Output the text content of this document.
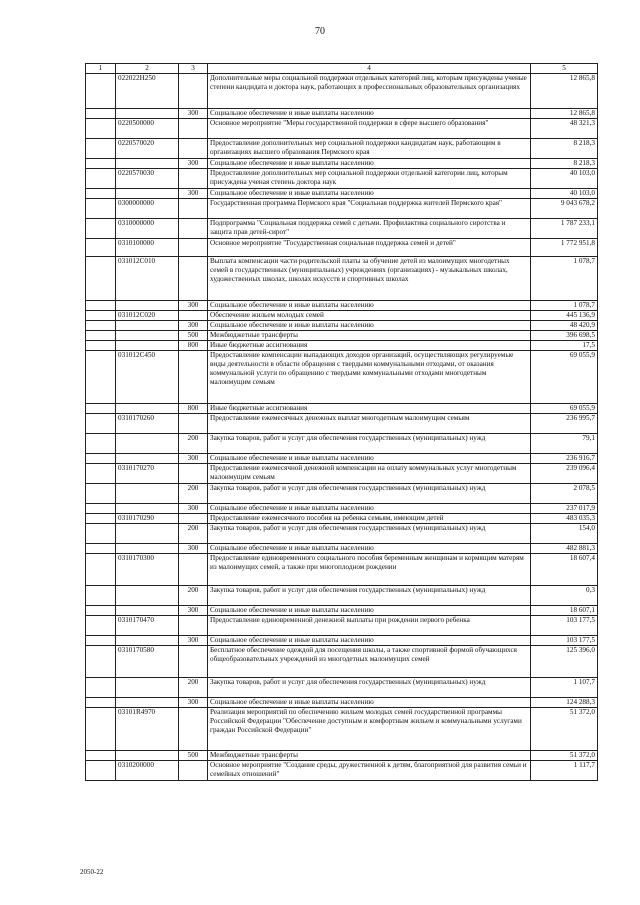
70
1	2	3	4	5
	022022Н250		Дополнительные меры социальной поддержки отдельных категорий лиц, которым присуждены ученые степени кандидата и доктора наук, работающих в профессиональных образовательных организациях	12 865,8
		300	Социальное обеспечение и иные выплаты населению	12 865,8
	0220500000		Основное мероприятие "Меры государственной поддержки в сфере высшего образования"	48 321,3
	0220570020		Предоставление дополнительных мер социальной поддержки кандидатам наук, работающим в организациях высшего образования Пермского края	8 218,3
		300	Социальное обеспечение и иные выплаты населению	8 218,3
	0220570030		Предоставление дополнительных мер социальной поддержки отдельной категории лиц, которым присуждена ученая степень доктора наук	40 103,0
		300	Социальное обеспечение и иные выплаты населению	40 103,0
	0300000000		Государственная программа Пермского края "Социальная поддержка жителей Пермского края"	9 043 678,2
	0310000000		Подпрограмма "Социальная поддержка семей с детьми. Профилактика социального сиротства и защита прав детей-сирот"	1 787 233,1
	0310100000		Основное мероприятие "Государственная социальная поддержка семей и детей"	1 772 951,8
	031012С010		Выплата компенсации части родительской платы за обучение детей из малоимущих многодетных семей в государственных (муниципальных) учреждениях (организациях) - музыкальных школах, художественных школах, школах искусств и спортивных школах	1 078,7
		300	Социальное обеспечение и иные выплаты населению	1 078,7
	031012С020		Обеспечение жильем молодых семей	445 136,9
		300	Социальное обеспечение и иные выплаты населению	48 420,9
		500	Межбюджетные трансферты	396 698,5
		800	Иные бюджетные ассигнования	17,5
	031012С450		Предоставление компенсации выпадающих доходов организаций, осуществляющих регулируемые виды деятельности в области обращения с твердыми коммунальными отходами, от оказания коммунальной услуги по обращению с твердыми коммунальными отходами многодетным малоимущим семьям	69 055,9
		800	Иные бюджетные ассигнования	69 055,9
	0310170260		Предоставление ежемесячных денежных выплат многодетным малоимущим семьям	236 995,7
		200	Закупка товаров, работ и услуг для обеспечения государственных (муниципальных) нужд	79,1
		300	Социальное обеспечение и иные выплаты населению	236 916,7
	0310170270		Предоставление ежемесячной денежной компенсации на оплату коммунальных услуг многодетным малоимущим семьям	239 096,4
		200	Закупка товаров, работ и услуг для обеспечения государственных (муниципальных) нужд	2 078,5
		300	Социальное обеспечение и иные выплаты населению	237 017,9
	0310170290		Предоставление ежемесячного пособия на ребенка семьям, имеющим детей	483 035,3
		200	Закупка товаров, работ и услуг для обеспечения государственных (муниципальных) нужд	154,0
		300	Социальное обеспечение и иные выплаты населению	482 881,3
	0310170300		Предоставление единовременного социального пособия беременным женщинам и кормящим матерям из малоимущих семей, а также при многоплодном рождении	18 607,4
		200	Закупка товаров, работ и услуг для обеспечения государственных (муниципальных) нужд	0,3
		300	Социальное обеспечение и иные выплаты населению	18 607,1
	0310170470		Предоставление единовременной денежной выплаты при рождении первого ребенка	103 177,5
		300	Социальное обеспечение и иные выплаты населению	103 177,5
	0310170580		Бесплатное обеспечение одеждой для посещения школы, а также спортивной формой обучающихся общеобразовательных учреждений из многодетных малоимущих семей	125 396,0
		200	Закупка товаров, работ и услуг для обеспечения государственных (муниципальных) нужд	1 107,7
		300	Социальное обеспечение и иные выплаты населению	124 288,3
	03101R4970		Реализация мероприятий по обеспечению жильем молодых семей государственной программы Российской Федерации "Обеспечение доступным и комфортным жильем и коммунальными услугами граждан Российской Федерации"	51 372,0
		500	Межбюджетные трансферты	51 372,0
	0310200000		Основное мероприятие "Создание среды, дружественной к детям, благоприятной для развития семьи и семейных отношений"	1 117,7
2050-22
